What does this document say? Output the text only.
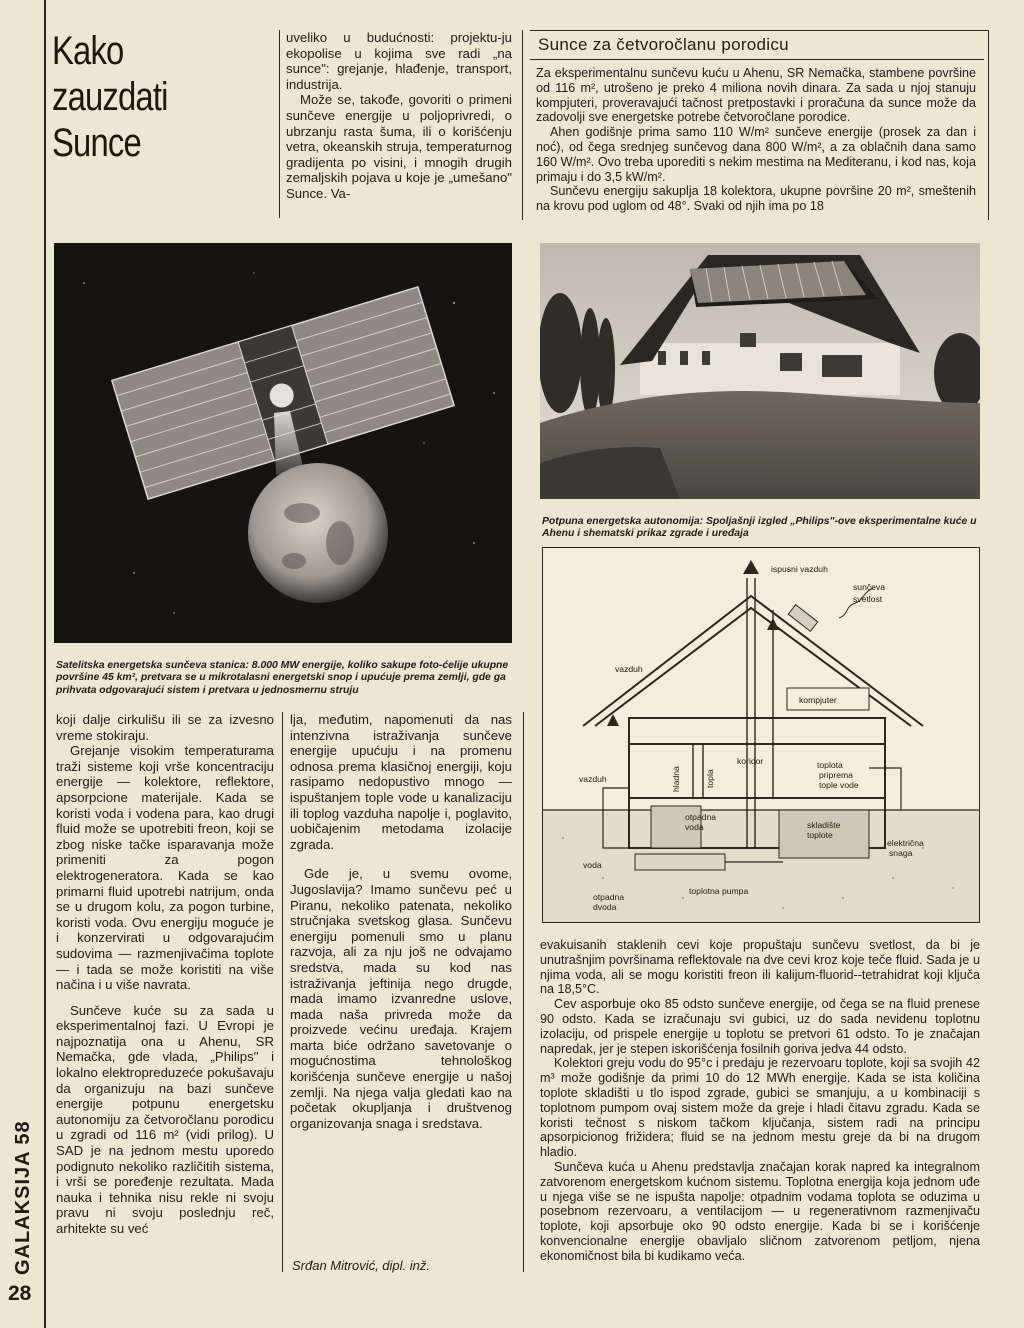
Kako
zauzdati
Sunce

uveliko u budućnosti: projektu-ju ekopolise u kojima sve radi „na sunce": grejanje, hlađenje, transport, industrija.

Može se, takođe, govoriti o primeni sunčeve energije u poljoprivredi, o ubrzanju rasta šuma, ili o korišćenju vetra, okeanskih struja, temperaturnog gradijenta po visini, i mnogih drugih zemaljskih pojava u koje je „umešano" Sunce. Va-

Sunce za četvoročlanu porodicu

Za eksperimentalnu sunčevu kuću u Ahenu, SR Nemačka, stambene površine od 116 m², utrošeno je preko 4 miliona novih dinara. Za sada u njoj stanuju kompjuteri, proveravajući tačnost pretpostavki i proračuna da sunce može da zadovolji sve energetske potrebe četvoročlane porodice.

Ahen godišnje prima samo 110 W/m² sunčeve energije (prosek za dan i noć), od čega srednjeg sunčevog dana 800 W/m², a za oblačnih dana samo 160 W/m². Ovo treba uporediti s nekim mestima na Mediteranu, i kod nas, koja primaju i do 3,5 kW/m².

Sunčevu energiju sakuplja 18 kolektora, ukupne površine 20 m², smeštenih na krovu pod uglom od 48°. Svaki od njih ima po 18

Potpuna energetska autonomija: Spoljašnji izgled „Philips"-ove eksperimentalne kuće u Ahenu i shematski prikaz zgrade i uređaja
ispusni vazduh
sunčeva
svetlost
vazduh
kompjuter
hladna	topla
koridor	toplota
priprema
tople vode
vazduh
otpadna
voda	skladište
toplote
električna
snaga
voda
toplotna pumpa
otpadna
dvoda
Satelitska energetska sunčeva stanica: 8.000 MW energije, koliko sakupe foto-ćelije ukupne površine 45 km², pretvara se u mikrotalasni energetski snop i upućuje prema zemlji, gde ga prihvata odgovarajući sistem i pretvara u jednosmernu struju

koji dalje cirkulišu ili se za izvesno vreme stokiraju.

Grejanje visokim temperaturama traži sisteme koji vrše koncentraciju energije — kolektore, reflektore, apsorpcione materijale. Kada se koristi voda i vodena para, kao drugi fluid može se upotrebiti freon, koji se zbog niske tačke isparavanja može primeniti za pogon elektrogeneratora. Kada se kao primarni fluid upotrebi natrijum, onda se u drugom kolu, za pogon turbine, koristi voda. Ovu energiju moguće je i konzervirati u odgovarajućim sudovima — razmenjivačima toplote — i tada se može koristiti na više načina i u više navrata.

Sunčeve kuće su za sada u eksperimentalnoj fazi. U Evropi je najpoznatija ona u Ahenu, SR Nemačka, gde vlada, „Philips" i lokalno elektropreduzeće pokušavaju da organizuju na bazi sunčeve energije potpunu energetsku autonomiju za četvoročlanu porodicu u zgradi od 116 m² (vidi prilog). U SAD je na jednom mestu uporedo podignuto nekoliko različitih sistema, i vrši se poređenje rezultata. Mada nauka i tehnika nisu rekle ni svoju pravu ni svoju poslednju reč, arhitekte su već

lja, međutim, napomenuti da nas intenzivna istraživanja sunčeve energije upućuju i na promenu odnosa prema klasičnoj energiji, koju rasipamo nedopustivo mnogo — ispuštanjem tople vode u kanalizaciju ili toplog vazduha napolje i, poglavito, uobičajenim metodama izolacije zgrada.

Gde je, u svemu ovome, Jugoslavija? Imamo sunčevu peć u Piranu, nekoliko patenata, nekoliko stručnjaka svetskog glasa. Sunčevu energiju pomenuli smo u planu razvoja, ali za nju još ne odvajamo sredstva, mada su kod nas istraživanja jeftinija nego drugde, mada imamo izvanredne uslove, mada naša privreda može da proizvede većinu uređaja. Krajem marta biće održano savetovanje o mogućnostima tehnološkog korišćenja sunčeve energije u našoj zemlji. Na njega valja gledati kao na početak okupljanja i društvenog organizovanja snaga i sredstava.

evakuisanih staklenih cevi koje propuštaju sunčevu svetlost, da bi je unutrašnjim površinama reflektovale na dve cevi kroz koje teče fluid. Sada je u njima voda, ali se mogu koristiti freon ili kalijum-fluorid--tetrahidrat koji ključa na 18,5°C.

Cev asporbuje oko 85 odsto sunčeve energije, od čega se na fluid prenese 90 odsto. Kada se izračunaju svi gubici, uz do sada nevidenu toplotnu izolaciju, od prispele energije u toplotu se pretvori 61 odsto. To je značajan napredak, jer je stepen iskorišćenja fosilnih goriva jedva 44 odsto.

Kolektori greju vodu do 95°c i predaju je rezervoaru toplote, koji sa svojih 42 m³ može godišnje da primi 10 do 12 MWh energije. Kada se ista količina toplote skladišti u tlo ispod zgrade, gubici se smanjuju, a u kombinaciji s toplotnom pumpom ovaj sistem može da greje i hladi čitavu zgradu. Kada se koristi tečnost s niskom tačkom ključanja, sistem radi na principu apsorpicionog frižidera; fluid se na jednom mestu greje da bi na drugom hladio.

Sunčeva kuća u Ahenu predstavlja značajan korak napred ka integralnom zatvorenom energetskom kućnom sistemu. Toplotna energija koja jednom uđe u njega više se ne ispušta napolje: otpadnim vodama toplota se oduzima u posebnom rezervoaru, a ventilacijom — u regenerativnom razmenjivaču toplote, koji apsorbuje oko 90 odsto energije. Kada bi se i korišćenje konvencionalne energije obavljalo sličnom zatvorenom petljom, njena ekonomičnost bila bi kudikamo veća.

Srđan Mitrović, dipl. inž.
GALAKSIJA 58
28
